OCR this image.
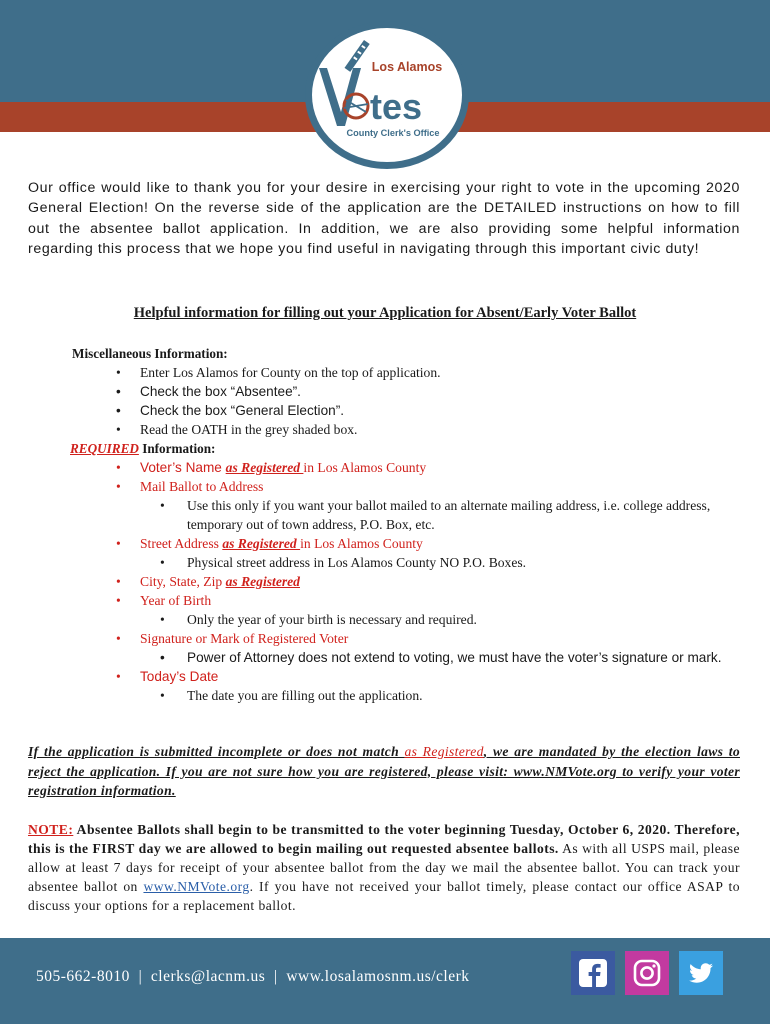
Los Alamos
tes
County Clerk's Office

Our office would like to thank you for your desire in exercising your right to vote in the upcoming 2020 General Election! On the reverse side of the application are the DETAILED instructions on how to fill out the absentee ballot application. In addition, we are also providing some helpful information regarding this process that we hope you find useful in navigating through this important civic duty!

Helpful information for filling out your Application for Absent/Early Voter Ballot

Miscellaneous Information:

• Enter Los Alamos for County on the top of application.
• Check the box “Absentee”.
• Check the box “General Election”.
• Read the OATH in the grey shaded box.

REQUIRED Information:

• Voter’s Name as Registered in Los Alamos County
• Mail Ballot to Address
• Use this only if you want your ballot mailed to an alternate mailing address, i.e. college address, temporary out of town address, P.O. Box, etc.
• Street Address as Registered in Los Alamos County
• Physical street address in Los Alamos County NO P.O. Boxes.
• City, State, Zip as Registered
• Year of Birth
• Only the year of your birth is necessary and required.
• Signature or Mark of Registered Voter
• Power of Attorney does not extend to voting, we must have the voter’s signature or mark.
• Today’s Date
• The date you are filling out the application.

If the application is submitted incomplete or does not match as Registered, we are mandated by the election laws to reject the application. If you are not sure how you are registered, please visit: www.NMVote.org to verify your voter registration information.

NOTE: Absentee Ballots shall begin to be transmitted to the voter beginning Tuesday, October 6, 2020. Therefore, this is the FIRST day we are allowed to begin mailing out requested absentee ballots. As with all USPS mail, please allow at least 7 days for receipt of your absentee ballot from the day we mail the absentee ballot. You can track your absentee ballot on www.NMVote.org. If you have not received your ballot timely, please contact our office ASAP to discuss your options for a replacement ballot.

505-662-8010  |  clerks@lacnm.us  |  www.losalamosnm.us/clerk
